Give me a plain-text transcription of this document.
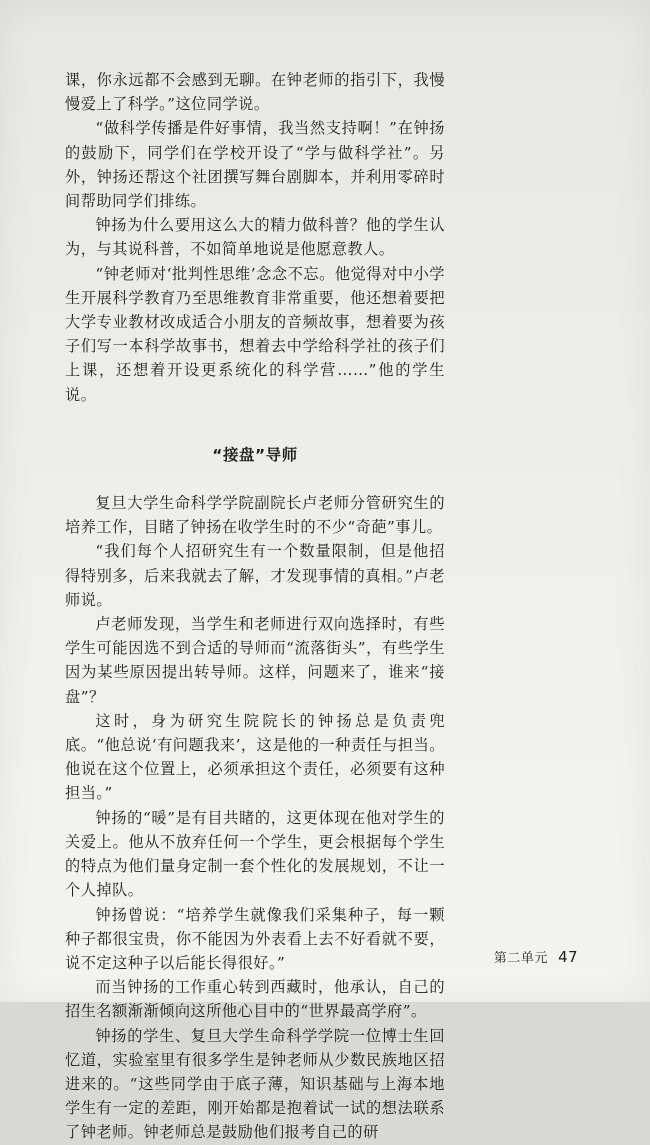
课，你永远都不会感到无聊。在钟老师的指引下，我慢慢爱上了科学。”这位同学说。

“做科学传播是件好事情，我当然支持啊！”在钟扬的鼓励下，同学们在学校开设了“学与做科学社”。另外，钟扬还帮这个社团撰写舞台剧脚本，并利用零碎时间帮助同学们排练。

钟扬为什么要用这么大的精力做科普？他的学生认为，与其说科普，不如简单地说是他愿意教人。

“钟老师对‘批判性思维’念念不忘。他觉得对中小学生开展科学教育乃至思维教育非常重要，他还想着要把大学专业教材改成适合小朋友的音频故事，想着要为孩子们写一本科学故事书，想着去中学给科学社的孩子们上课，还想着开设更系统化的科学营……”他的学生说。

“接盘”导师

复旦大学生命科学学院副院长卢老师分管研究生的培养工作，目睹了钟扬在收学生时的不少“奇葩”事儿。

“我们每个人招研究生有一个数量限制，但是他招得特别多，后来我就去了解，才发现事情的真相。”卢老师说。

卢老师发现，当学生和老师进行双向选择时，有些学生可能因选不到合适的导师而“流落街头”，有些学生因为某些原因提出转导师。这样，问题来了，谁来“接盘”？

这时，身为研究生院院长的钟扬总是负责兜底。“他总说‘有问题我来’，这是他的一种责任与担当。他说在这个位置上，必须承担这个责任，必须要有这种担当。”

钟扬的“暖”是有目共睹的，这更体现在他对学生的关爱上。他从不放弃任何一个学生，更会根据每个学生的特点为他们量身定制一套个性化的发展规划，不让一个人掉队。

钟扬曾说：“培养学生就像我们采集种子，每一颗种子都很宝贵，你不能因为外表看上去不好看就不要，说不定这种子以后能长得很好。”

而当钟扬的工作重心转到西藏时，他承认，自己的招生名额渐渐倾向这所他心目中的“世界最高学府”。

钟扬的学生、复旦大学生命科学学院一位博士生回忆道，实验室里有很多学生是钟老师从少数民族地区招进来的。“这些同学由于底子薄，知识基础与上海本地学生有一定的差距，刚开始都是抱着试一试的想法联系了钟老师。钟老师总是鼓励他们报考自己的研

第二单元 47
